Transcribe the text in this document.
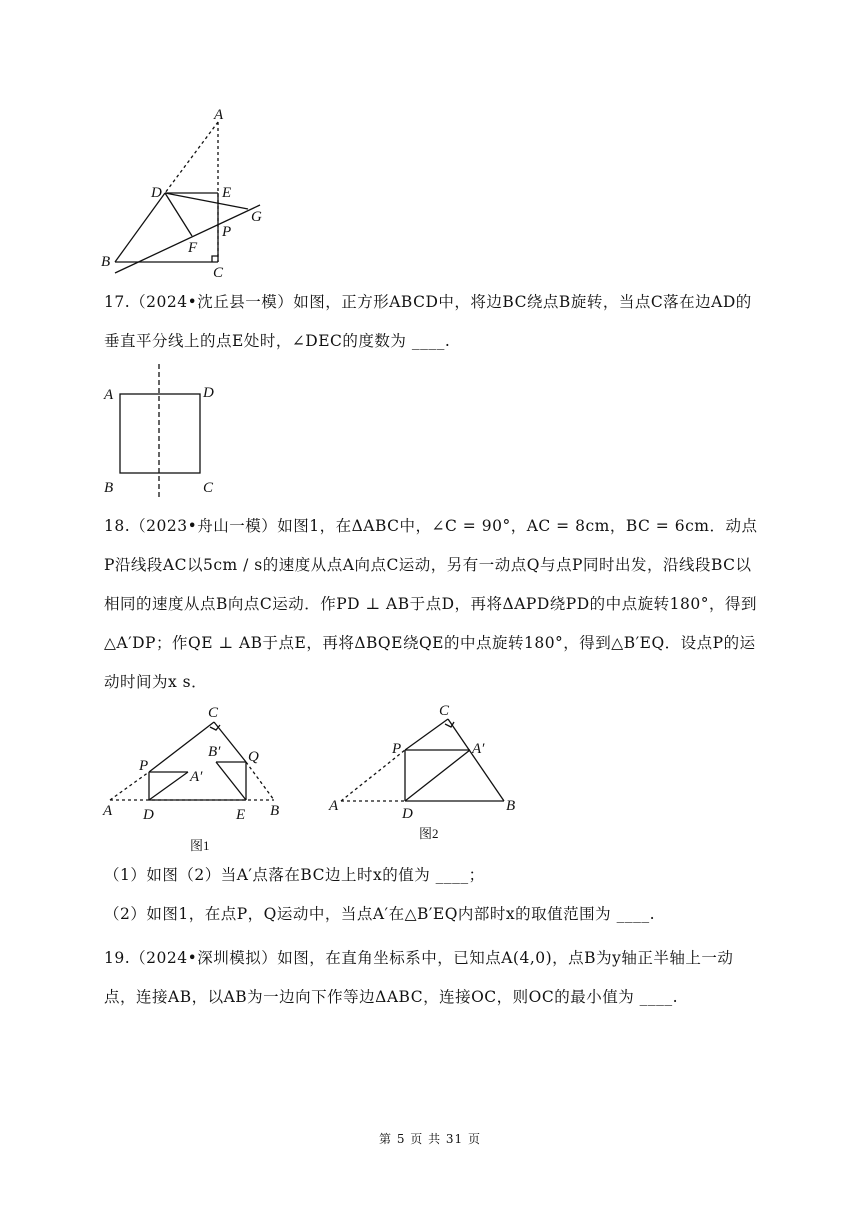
A
D	E
G
P
F
B
C
17.（2024•沈丘县一模）如图，正方形ABCD中，将边BC绕点B旋转，当点C落在边AD的垂直平分线上的点E处时，∠DEC的度数为 ____.
A	D
B	C
18.（2023•舟山一模）如图1，在ΔABC中，∠C = 90°，AC = 8cm，BC = 6cm．动点P沿线段AC以5cm / s的速度从点A向点C运动，另有一动点Q与点P同时出发，沿线段BC以相同的速度从点B向点C运动．作PD ⊥ AB于点D，再将ΔAPD绕PD的中点旋转180°，得到△A′DP；作QE ⊥ AB于点E，再将ΔBQE绕QE的中点旋转180°，得到△B′EQ．设点P的运动时间为x s．
C
P
A′
B′ Q
A D	E B
图1
C
P	A′
A	D	B
图2
（1）如图（2）当A′点落在BC边上时x的值为 ____；
（2）如图1，在点P，Q运动中，当点A′在△B′EQ内部时x的取值范围为 ____.
19.（2024•深圳模拟）如图，在直角坐标系中，已知点A(4,0)，点B为y轴正半轴上一动点，连接AB，以AB为一边向下作等边ΔABC，连接OC，则OC的最小值为 ____.
第 5 页 共 31 页
